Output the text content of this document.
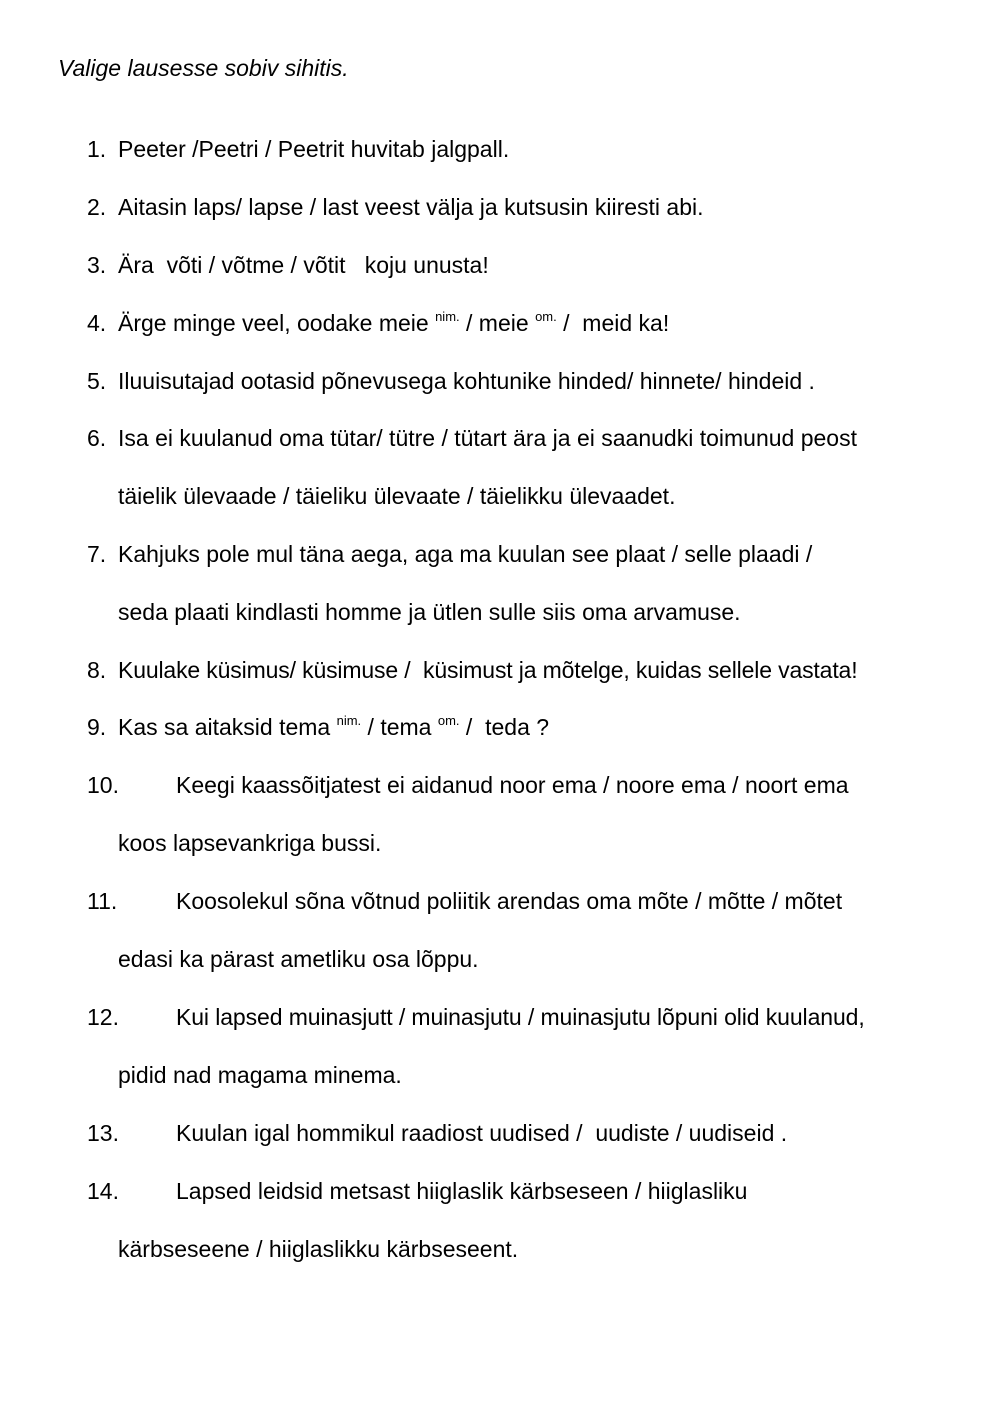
Valige lausesse sobiv sihitis.
1. Peeter /Peetri / Peetrit huvitab jalgpall.
2. Aitasin laps/ lapse / last veest välja ja kutsusin kiiresti abi.
3. Ära  võti / võtme / võtit   koju unusta!
4. Ärge minge veel, oodake meie $^{nim.}$ / meie $^{om.}$ /  meid ka!
5. Iluuisutajad ootasid põnevusega kohtunike hinded/ hinnete/ hindeid .
6. Isa ei kuulanud oma tütar/ tütre / tütart ära ja ei saanudki toimunud peost
täielik ülevaade / täieliku ülevaate / täielikku ülevaadet.
7. Kahjuks pole mul täna aega, aga ma kuulan see plaat / selle plaadi /
seda plaati kindlasti homme ja ütlen sulle siis oma arvamuse.
8. Kuulake küsimus/ küsimuse /  küsimust ja mõtelge, kuidas sellele vastata!
9. Kas sa aitaksid tema $^{nim.}$ / tema $^{om.}$ /  teda ?
10. Keegi kaassõitjatest ei aidanud noor ema / noore ema / noort ema
koos lapsevankriga bussi.
11.	Koosolekul sõna võtnud poliitik arendas oma mõte / mõtte / mõtet
edasi ka pärast ametliku osa lõppu.
12. Kui lapsed muinasjutt / muinasjutu / muinasjutu lõpuni olid kuulanud,
pidid nad magama minema.
13. Kuulan igal hommikul raadiost uudised /  uudiste / uudiseid .
14. Lapsed leidsid metsast hiiglaslik kärbseseen / hiiglasliku
kärbseseene / hiiglaslikku kärbseseent.
